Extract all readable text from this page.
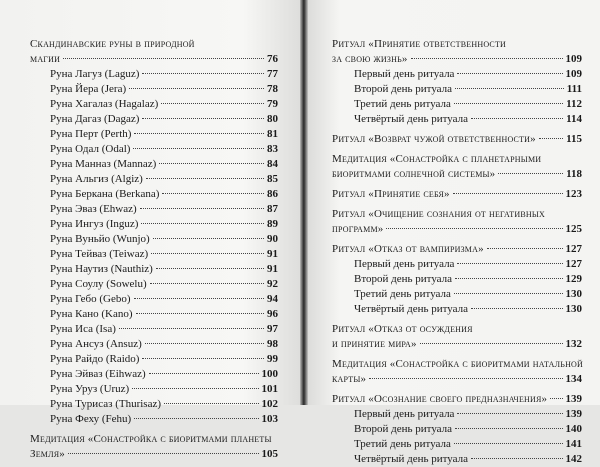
Скандинавские руны в природной
магии	76
Руна Лагуз (Laguz)	77
Руна Йера (Jera)	78
Руна Хагалаз (Hagalaz)	79
Руна Дагаз (Dagaz)	80
Руна Перт (Perth)	81
Руна Одал (Odal)	83
Руна Манназ (Mannaz)	84
Руна Альгиз (Algiz)	85
Руна Беркана (Berkana)	86
Руна Эваз (Ehwaz)	87
Руна Ингуз (Inguz)	89
Руна Вуньйо (Wunjo)	90
Руна Тейваз (Teiwaz)	91
Руна Наутиз (Nauthiz)	91
Руна Соулу (Sowelu)	92
Руна Гебо (Gebo)	94
Руна Кано (Kano)	96
Руна Иса (Isa)	97
Руна Ансуз (Ansuz)	98
Руна Райдо (Raido)	99
Руна Эйваз (Eihwaz)	100
Руна Уруз (Uruz)	101
Руна Турисаз (Thurisaz)	102
Руна Феху (Fehu)	103
Медитация «Сонастройка с биоритмами планеты
Земля»	105
Ритуал «Принятие ответственности
за свою жизнь»	109
Первый день ритуала	109
Второй день ритуала	111
Третий день ритуала	112
Четвёртый день ритуала	114
Ритуал «Возврат чужой ответственности»	115
Медитация «Сонастройка с планетарными
биоритмами солнечной системы»	118
Ритуал «Принятие себя»	123
Ритуал «Очищение сознания от негативных
программ»	125
Ритуал «Отказ от вампиризма»	127
Первый день ритуала	127
Второй день ритуала	129
Третий день ритуала	130
Четвёртый день ритуала	130
Ритуал «Отказ от осуждения
и принятие мира»	132
Медитация «Сонастройка с биоритмами натальной
карты»	134
Ритуал «Осознание своего предназначения» 139
Первый день ритуала	139
Второй день ритуала	140
Третий день ритуала	141
Четвёртый день ритуала	142
